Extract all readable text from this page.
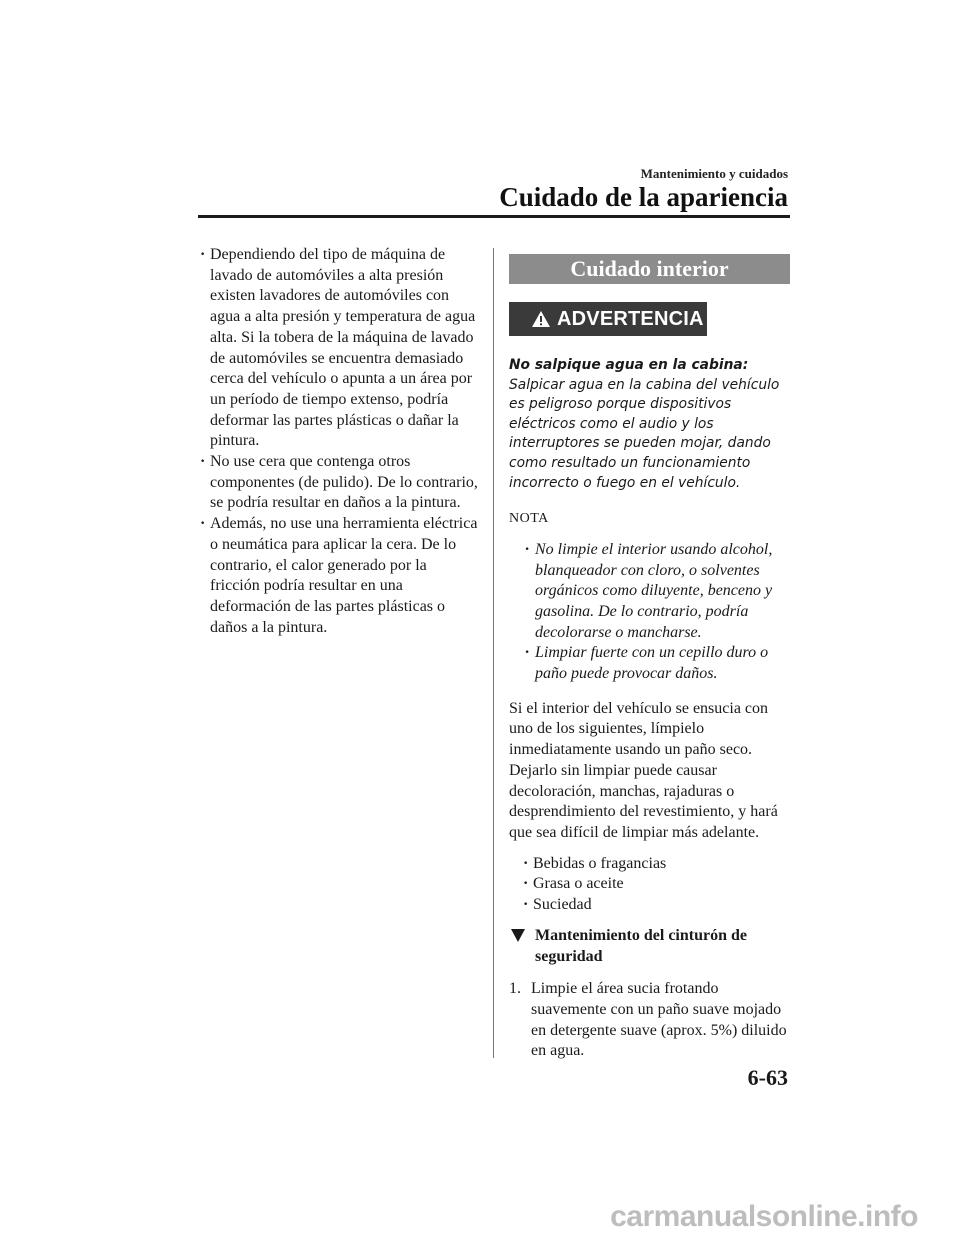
Mantenimiento y cuidados
Cuidado de la apariencia
· Dependiendo del tipo de máquina de lavado de automóviles a alta presión existen lavadores de automóviles con agua a alta presión y temperatura de agua alta. Si la tobera de la máquina de lavado de automóviles se encuentra demasiado cerca del vehículo o apunta a un área por un período de tiempo extenso, podría deformar las partes plásticas o dañar la pintura.
· No use cera que contenga otros componentes (de pulido). De lo contrario, se podría resultar en daños a la pintura.
· Además, no use una herramienta eléctrica o neumática para aplicar la cera. De lo contrario, el calor generado por la fricción podría resultar en una deformación de las partes plásticas o daños a la pintura.
Cuidado interior
ADVERTENCIA
No salpique agua en la cabina:
Salpicar agua en la cabina del vehículo es peligroso porque dispositivos eléctricos como el audio y los interruptores se pueden mojar, dando como resultado un funcionamiento incorrecto o fuego en el vehículo.
NOTA
· No limpie el interior usando alcohol, blanqueador con cloro, o solventes orgánicos como diluyente, benceno y gasolina. De lo contrario, podría decolorarse o mancharse.
· Limpiar fuerte con un cepillo duro o paño puede provocar daños.
Si el interior del vehículo se ensucia con uno de los siguientes, límpielo inmediatamente usando un paño seco. Dejarlo sin limpiar puede causar decoloración, manchas, rajaduras o desprendimiento del revestimiento, y hará que sea difícil de limpiar más adelante.
· Bebidas o fragancias
· Grasa o aceite
· Suciedad
Mantenimiento del cinturón de seguridad
1. Limpie el área sucia frotando suavemente con un paño suave mojado en detergente suave (aprox. 5%) diluido en agua.
6-63
carmanualsonline.info
